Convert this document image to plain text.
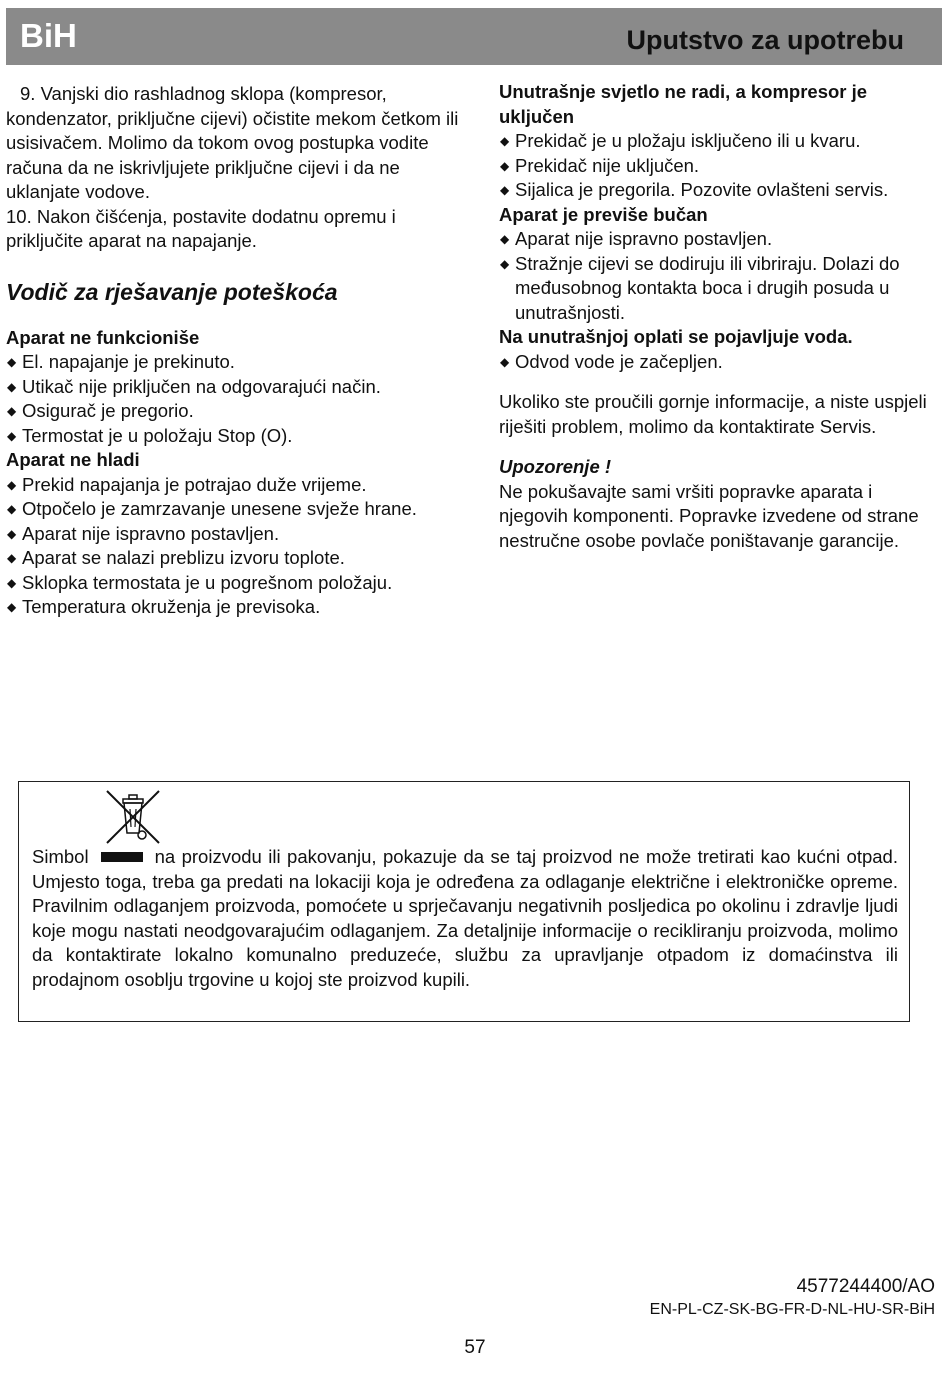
BiH	Uputstvo za upotrebu

9. Vanjski dio rashladnog sklopa (kompresor, kondenzator, priključne cijevi) očistite mekom četkom ili usisivačem. Molimo da tokom ovog postupka vodite računa da ne iskrivljujete priključne cijevi i da ne uklanjate vodove.

10. Nakon čišćenja, postavite dodatnu opremu i priključite aparat na napajanje.

Vodič za rješavanje poteškoća

Aparat ne funkcioniše

◆ El. napajanje je prekinuto.
◆ Utikač nije priključen na odgovarajući način.
◆ Osigurač je pregorio.
◆ Termostat je u položaju Stop (O).

Aparat ne hladi

◆ Prekid napajanja je potrajao duže vrijeme.
◆ Otpočelo je zamrzavanje unesene svježe hrane.
◆ Aparat nije ispravno postavljen.
◆ Aparat se nalazi preblizu izvoru toplote.
◆ Sklopka termostata je u pogrešnom položaju.
◆ Temperatura okruženja je previsoka.

Unutrašnje svjetlo ne radi, a kompresor je uključen

◆ Prekidač je u pložaju isključeno ili u kvaru.
◆ Prekidač nije uključen.
◆ Sijalica je pregorila. Pozovite ovlašteni servis.

Aparat je previše bučan

◆ Aparat nije ispravno postavljen.
◆ Stražnje cijevi se dodiruju ili vibriraju. Dolazi do međusobnog kontakta boca i drugih posuda u unutrašnjosti.

Na unutrašnjoj oplati se pojavljuje voda.

◆ Odvod vode je začepljen.

Ukoliko ste proučili gornje informacije, a niste uspjeli riješiti problem, molimo da kontaktirate Servis.

Upozorenje !

Ne pokušavajte sami vršiti popravke aparata i njegovih komponenti. Popravke izvedene od strane nestručne osobe povlače poništavanje garancije.

Simbol	na proizvodu ili pakovanju, pokazuje da se taj proizvod ne može tretirati kao kućni otpad. Umjesto toga, treba ga predati na lokaciji koja je određena za odlaganje električne i elektroničke opreme. Pravilnim odlaganjem proizvoda, pomoćete u sprječavanju negativnih posljedica po okolinu i zdravlje ljudi koje mogu nastati neodgovarajućim odlaganjem. Za detaljnije informacije o recikliranju proizvoda, molimo da kontaktirate lokalno komunalno preduzeće, službu za upravljanje otpadom iz domaćinstva ili prodajnom osoblju trgovine u kojoj ste proizvod kupili.
4577244400/AO
EN-PL-CZ-SK-BG-FR-D-NL-HU-SR-BiH
57
